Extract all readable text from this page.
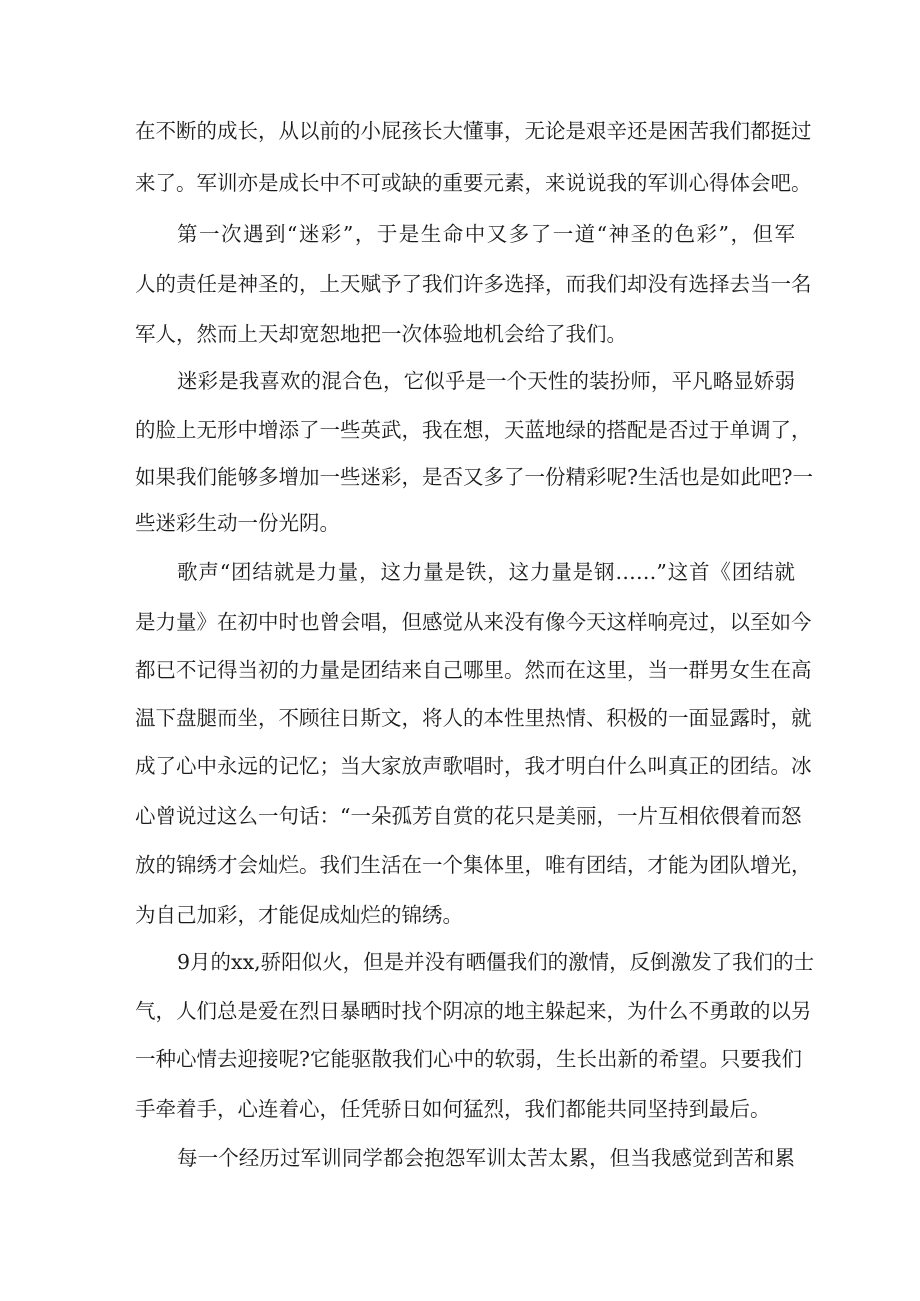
在不断的成长，从以前的小屁孩长大懂事，无论是艰辛还是困苦我们都挺过

来了。军训亦是成长中不可或缺的重要元素，来说说我的军训心得体会吧。

第一次遇到“迷彩”，于是生命中又多了一道“神圣的色彩”，但军

人的责任是神圣的，上天赋予了我们许多选择，而我们却没有选择去当一名

军人，然而上天却宽恕地把一次体验地机会给了我们。

迷彩是我喜欢的混合色，它似乎是一个天性的装扮师，平凡略显娇弱

的脸上无形中增添了一些英武，我在想，天蓝地绿的搭配是否过于单调了，

如果我们能够多增加一些迷彩，是否又多了一份精彩呢?生活也是如此吧?一

些迷彩生动一份光阴。

歌声“团结就是力量，这力量是铁，这力量是钢……”这首《团结就

是力量》在初中时也曾会唱，但感觉从来没有像今天这样响亮过，以至如今

都已不记得当初的力量是团结来自己哪里。然而在这里，当一群男女生在高

温下盘腿而坐，不顾往日斯文，将人的本性里热情、积极的一面显露时，就

成了心中永远的记忆；当大家放声歌唱时，我才明白什么叫真正的团结。冰

心曾说过这么一句话：“一朵孤芳自赏的花只是美丽，一片互相依偎着而怒

放的锦绣才会灿烂。我们生活在一个集体里，唯有团结，才能为团队增光，

为自己加彩，才能促成灿烂的锦绣。

9月的xx,骄阳似火，但是并没有晒僵我们的激情，反倒激发了我们的士

气，人们总是爱在烈日暴晒时找个阴凉的地主躲起来，为什么不勇敢的以另

一种心情去迎接呢?它能驱散我们心中的软弱，生长出新的希望。只要我们

手牵着手，心连着心，任凭骄日如何猛烈，我们都能共同坚持到最后。

每一个经历过军训同学都会抱怨军训太苦太累，但当我感觉到苦和累
